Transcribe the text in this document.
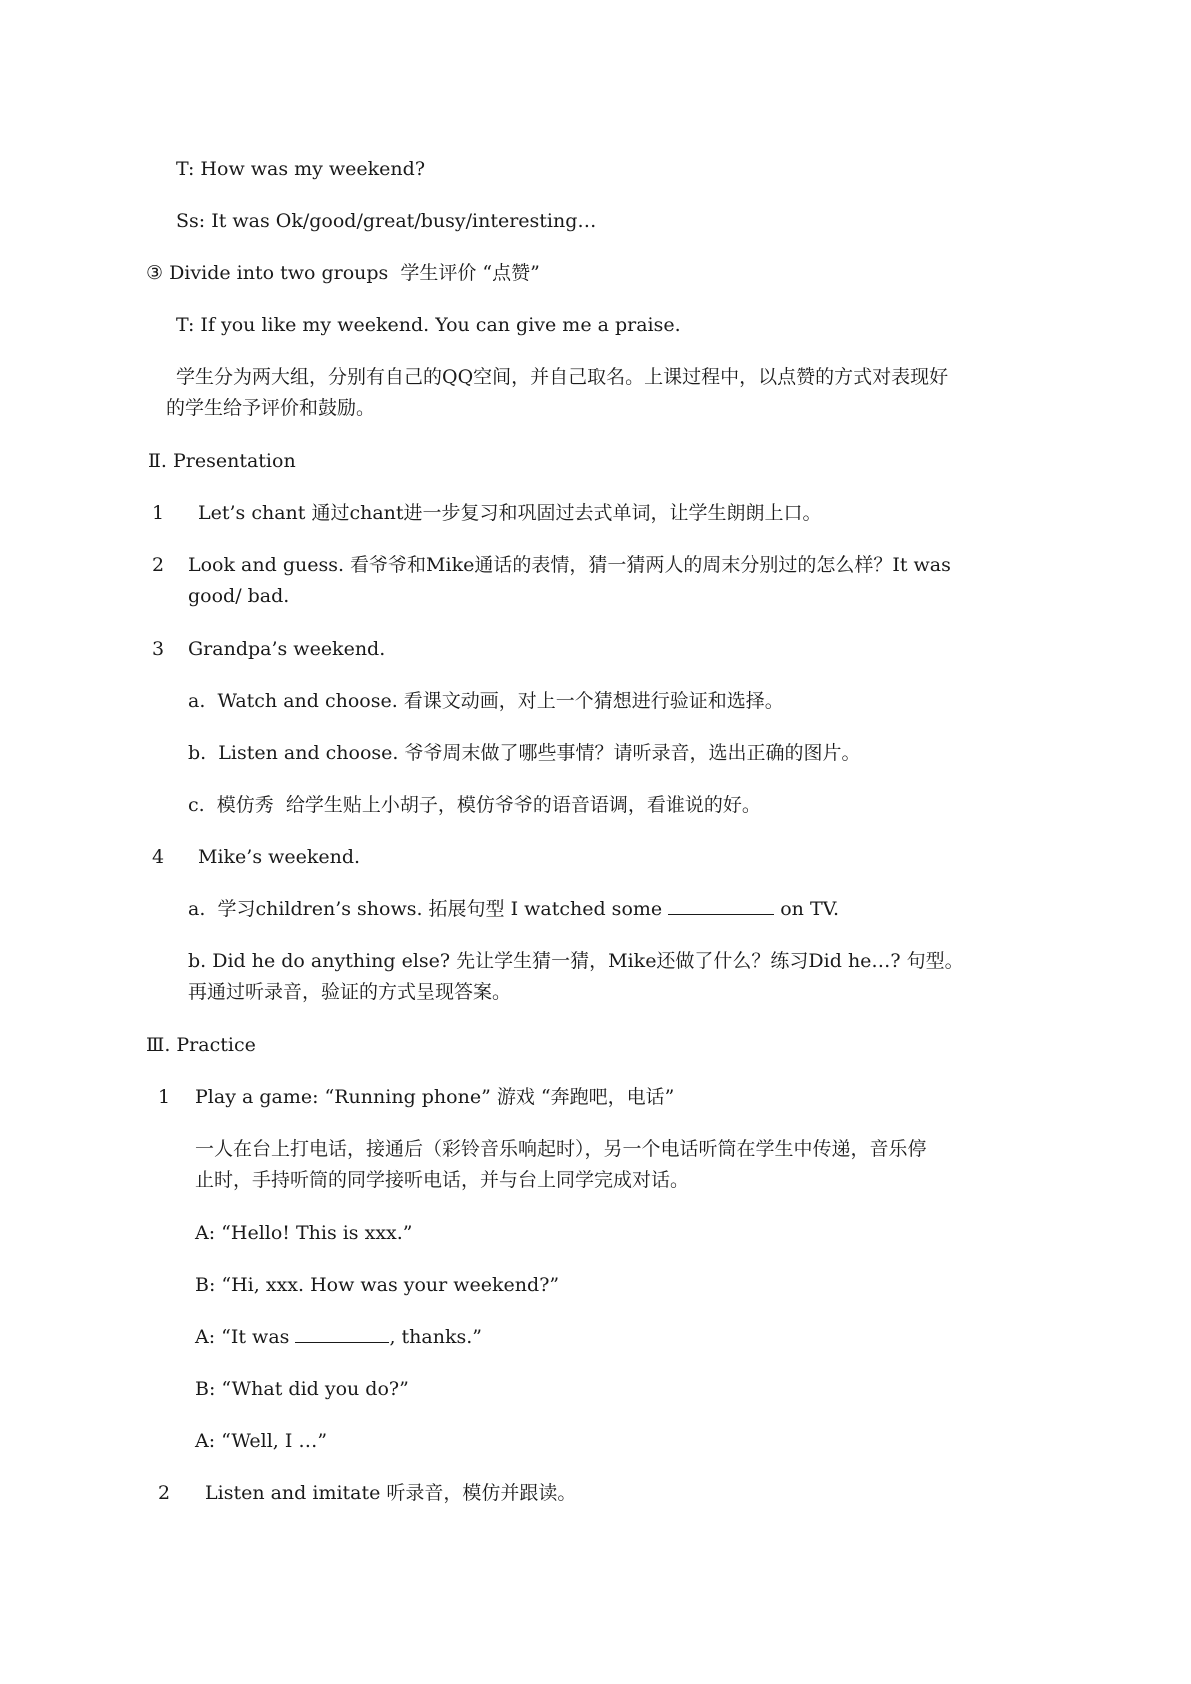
T: How was my weekend?
Ss: It was Ok/good/great/busy/interesting…
③ Divide into two groups  学生评价 “点赞”
T: If you like my weekend. You can give me a praise.
学生分为两大组，分别有自己的QQ空间，并自己取名。上课过程中，以点赞的方式对表现好
的学生给予评价和鼓励。
Ⅱ. Presentation
1 Let’s chant 通过chant进一步复习和巩固过去式单词，让学生朗朗上口。
2 Look and guess. 看爷爷和Mike通话的表情，猜一猜两人的周末分别过的怎么样？It was
good/ bad.
3 Grandpa’s weekend.
a.  Watch and choose. 看课文动画，对上一个猜想进行验证和选择。
b.  Listen and choose. 爷爷周末做了哪些事情？请听录音，选出正确的图片。
c.  模仿秀  给学生贴上小胡子，模仿爷爷的语音语调，看谁说的好。
4 Mike’s weekend.
a.  学习children’s shows. 拓展句型 I watched some	on TV.
b. Did he do anything else? 先让学生猜一猜，Mike还做了什么？练习Did he…? 句型。
再通过听录音，验证的方式呈现答案。
Ⅲ. Practice
1 Play a game: “Running phone” 游戏 “奔跑吧，电话”
一人在台上打电话，接通后（彩铃音乐响起时），另一个电话听筒在学生中传递，音乐停
止时，手持听筒的同学接听电话，并与台上同学完成对话。
A: “Hello! This is xxx.”
B: “Hi, xxx. How was your weekend?”
A: “It was	, thanks.”
B: “What did you do?”
A: “Well, I …”
2 Listen and imitate 听录音，模仿并跟读。
